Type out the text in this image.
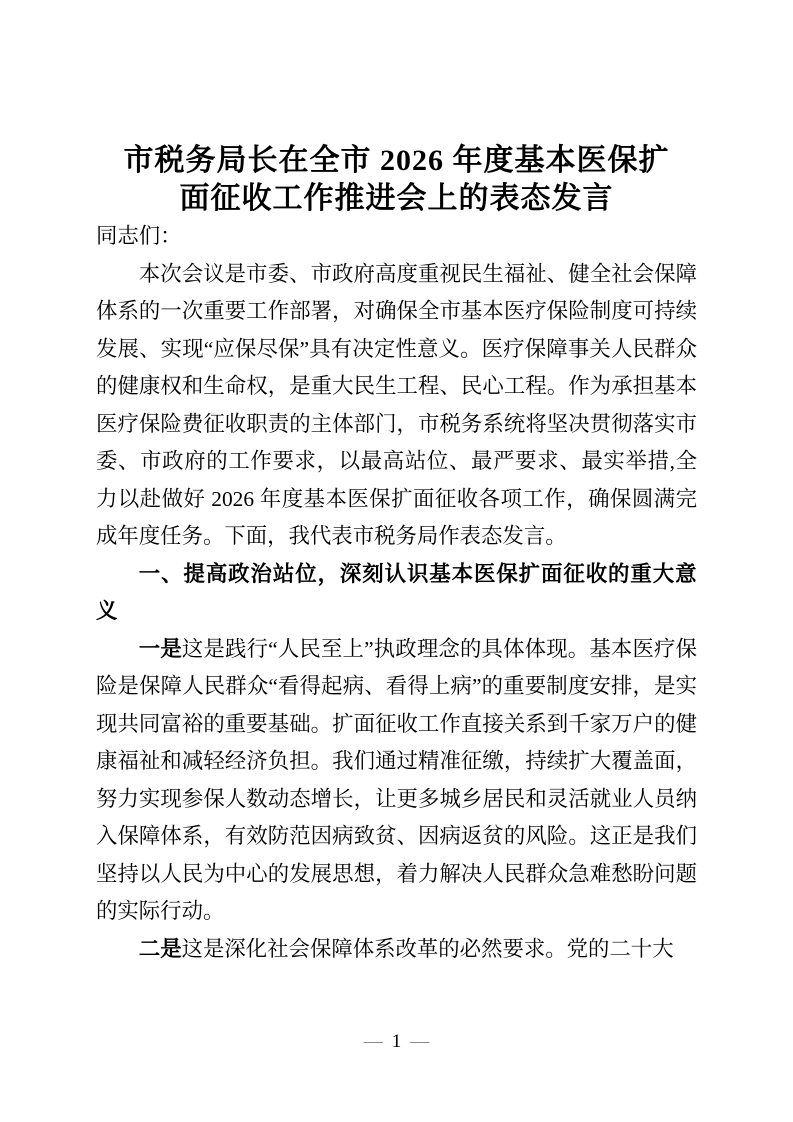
市税务局长在全市 2026 年度基本医保扩
面征收工作推进会上的表态发言

同志们：

本次会议是市委、市政府高度重视民生福祉、健全社会保障体系的一次重要工作部署，对确保全市基本医疗保险制度可持续发展、实现“应保尽保”具有决定性意义。医疗保障事关人民群众的健康权和生命权，是重大民生工程、民心工程。作为承担基本医疗保险费征收职责的主体部门，市税务系统将坚决贯彻落实市委、市政府的工作要求，以最高站位、最严要求、最实举措,全力以赴做好 2026 年度基本医保扩面征收各项工作，确保圆满完成年度任务。下面，我代表市税务局作表态发言。

一、提高政治站位，深刻认识基本医保扩面征收的重大意义

一是这是践行“人民至上”执政理念的具体体现。基本医疗保险是保障人民群众“看得起病、看得上病”的重要制度安排，是实现共同富裕的重要基础。扩面征收工作直接关系到千家万户的健康福祉和减轻经济负担。我们通过精准征缴，持续扩大覆盖面，努力实现参保人数动态增长，让更多城乡居民和灵活就业人员纳入保障体系，有效防范因病致贫、因病返贫的风险。这正是我们坚持以人民为中心的发展思想，着力解决人民群众急难愁盼问题的实际行动。

二是这是深化社会保障体系改革的必然要求。党的二十大

— 1 —
